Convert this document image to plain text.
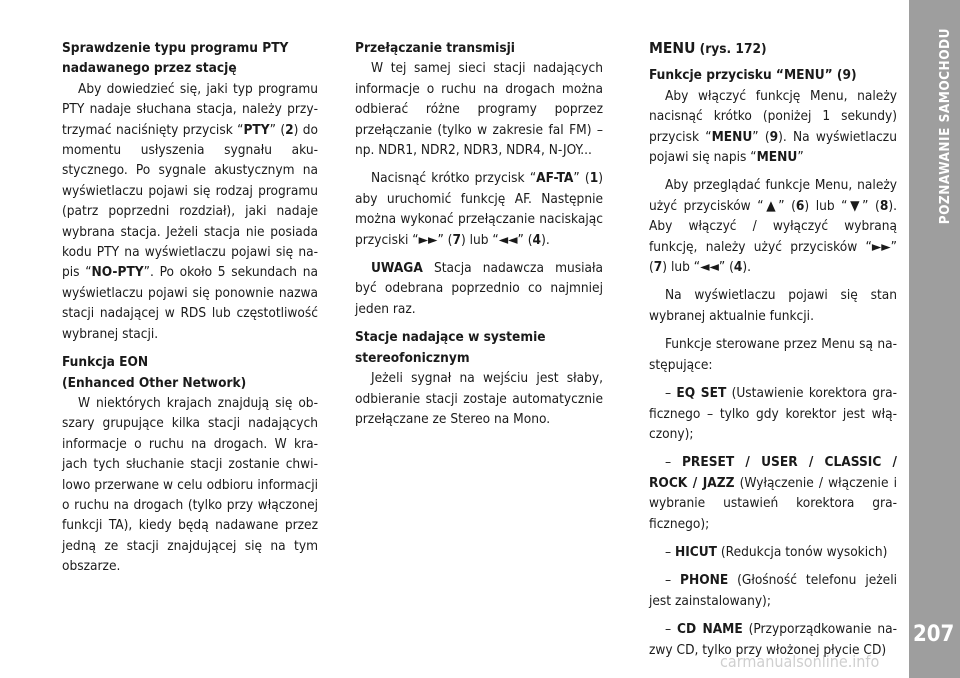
POZNAWANIE SAMOCHODU
207
Sprawdzenie typu programu PTY
nadawanego przez stację

Aby dowiedzieć się, jaki typ programu PTY nadaje słuchana stacja, należy przytrzymać naciśnięty przycisk “PTY” (2) do momentu usłyszenia sygnału akustycznego. Po sygnale akustycznym na wyświetlaczu pojawi się rodzaj programu (patrz poprzedni rozdział), jaki nadaje wybrana stacja. Jeżeli stacja nie posiada kodu PTY na wyświetlaczu pojawi się napis “NO-PTY”. Po około 5 sekundach na wyświetlaczu pojawi się ponownie nazwa stacji nadającej w RDS lub częstotliwość wybranej stacji.

Funkcja EON
(Enhanced Other Network)

W niektórych krajach znajdują się obszary grupujące kilka stacji nadających informacje o ruchu na drogach. W krajach tych słuchanie stacji zostanie chwilowo przerwane w celu odbioru informacji o ruchu na drogach (tylko przy włączonej funkcji TA), kiedy będą nadawane przez jedną ze stacji znajdującej się na tym obszarze.

Przełączanie transmisji

W tej samej sieci stacji nadających informacje o ruchu na drogach można odbierać różne programy poprzez przełączanie (tylko w zakresie fal FM) – np. NDR1, NDR2, NDR3, NDR4, N-JOY...

Nacisnąć krótko przycisk “AF-TA” (1) aby uruchomić funkcję AF. Następnie można wykonać przełączanie naciskając przyciski “►►” (7) lub “◄◄” (4).

UWAGA Stacja nadawcza musiała być odebrana poprzednio co najmniej jeden raz.

Stacje nadające w systemie
stereofonicznym

Jeżeli sygnał na wejściu jest słaby, odbieranie stacji zostaje automatycznie przełączane ze Stereo na Mono.

MENU (rys. 172)
Funkcje przycisku “MENU” (9)

Aby włączyć funkcję Menu, należy nacisnąć krótko (poniżej 1 sekundy) przycisk “MENU” (9). Na wyświetlaczu pojawi się napis “MENU”

Aby przeglądać funkcje Menu, należy użyć przycisków “▲” (6) lub “▼” (8). Aby włączyć / wyłączyć wybraną funkcję, należy użyć przycisków “►►” (7) lub “◄◄” (4).

Na wyświetlaczu pojawi się stan wybranej aktualnie funkcji.

Funkcje sterowane przez Menu są następujące:

– EQ SET (Ustawienie korektora graficznego – tylko gdy korektor jest włączony);

– PRESET / USER / CLASSIC / ROCK / JAZZ (Wyłączenie / włączenie i wybranie ustawień korektora graficznego);

– HICUT (Redukcja tonów wysokich)

– PHONE (Głośność telefonu jeżeli jest zainstalowany);

– CD NAME (Przyporządkowanie nazwy CD, tylko przy włożonej płycie CD)

carmanualsonline.info
